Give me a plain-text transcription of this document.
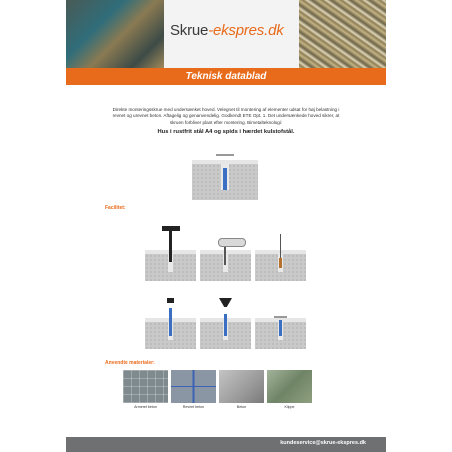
Skrue-ekspres.dk
Teknisk datablad
Direkte monteringsskrue med undersænket hoved. Velegnet til montering af elementer udsat for høj belastning i revnet og urevnet beton. Aftagelig og genanvendelig. Godkendt ETE Opt. 1. Det undersænkede hoved sikrer, at skruen forbliver plant efter montering. Bimetalteknologi:
Hus i rustfrit stål A4 og spids i hærdet kulstofstål.
Facilitet:
Anvendte materialer:
Armeret beton	Revnet beton	Beton	Klippe
kundeservice@skrue-ekspres.dk
